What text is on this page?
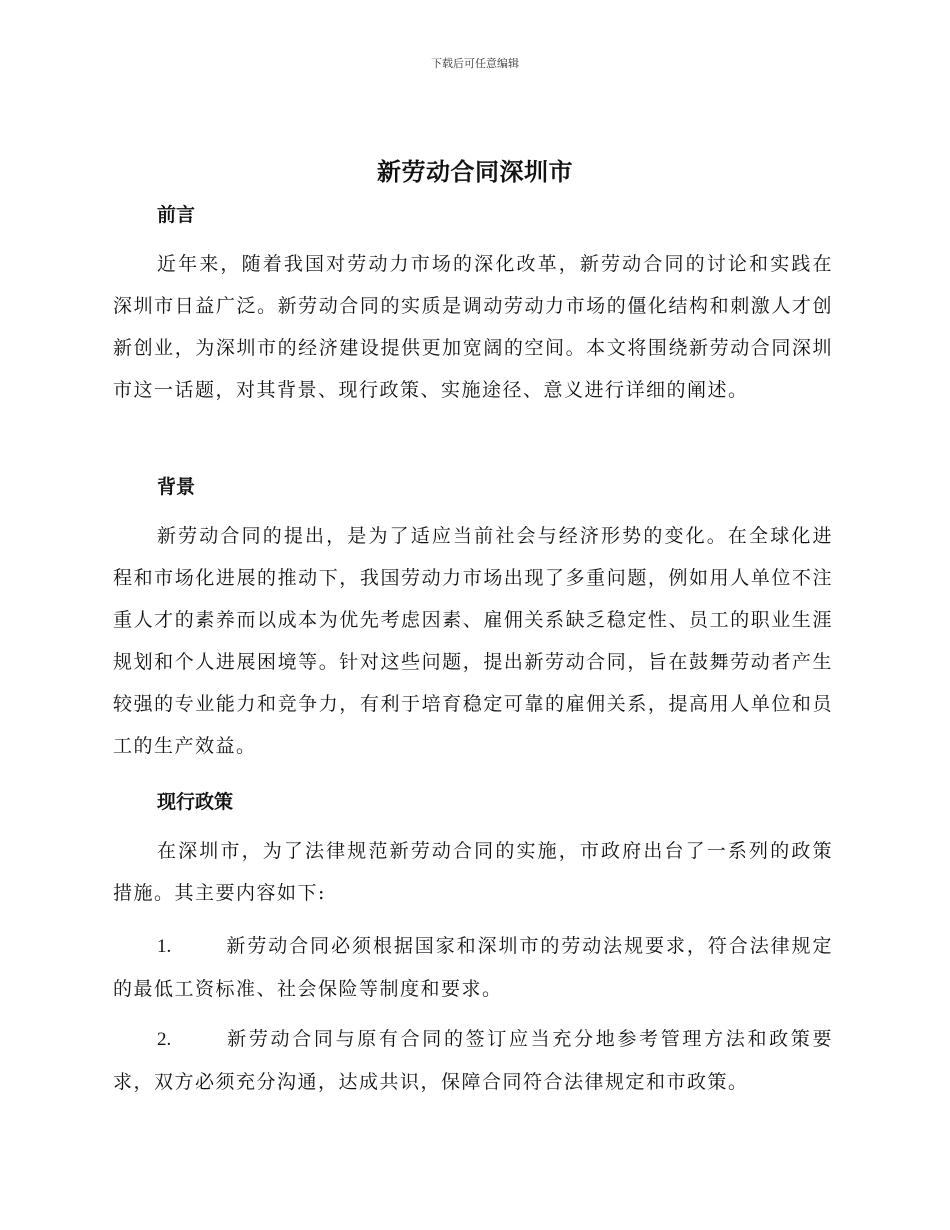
下载后可任意编辑
新劳动合同深圳市
前言

近年来，随着我国对劳动力市场的深化改革，新劳动合同的讨论和实践在深圳市日益广泛。新劳动合同的实质是调动劳动力市场的僵化结构和刺激人才创新创业，为深圳市的经济建设提供更加宽阔的空间。本文将围绕新劳动合同深圳市这一话题，对其背景、现行政策、实施途径、意义进行详细的阐述。

背景

新劳动合同的提出，是为了适应当前社会与经济形势的变化。在全球化进程和市场化进展的推动下，我国劳动力市场出现了多重问题，例如用人单位不注重人才的素养而以成本为优先考虑因素、雇佣关系缺乏稳定性、员工的职业生涯规划和个人进展困境等。针对这些问题，提出新劳动合同，旨在鼓舞劳动者产生较强的专业能力和竞争力，有利于培育稳定可靠的雇佣关系，提高用人单位和员工的生产效益。

现行政策

在深圳市，为了法律规范新劳动合同的实施，市政府出台了一系列的政策措施。其主要内容如下:

1.	新劳动合同必须根据国家和深圳市的劳动法规要求，符合法律规定的最低工资标准、社会保险等制度和要求。

2.	新劳动合同与原有合同的签订应当充分地参考管理方法和政策要求，双方必须充分沟通，达成共识，保障合同符合法律规定和市政策。
